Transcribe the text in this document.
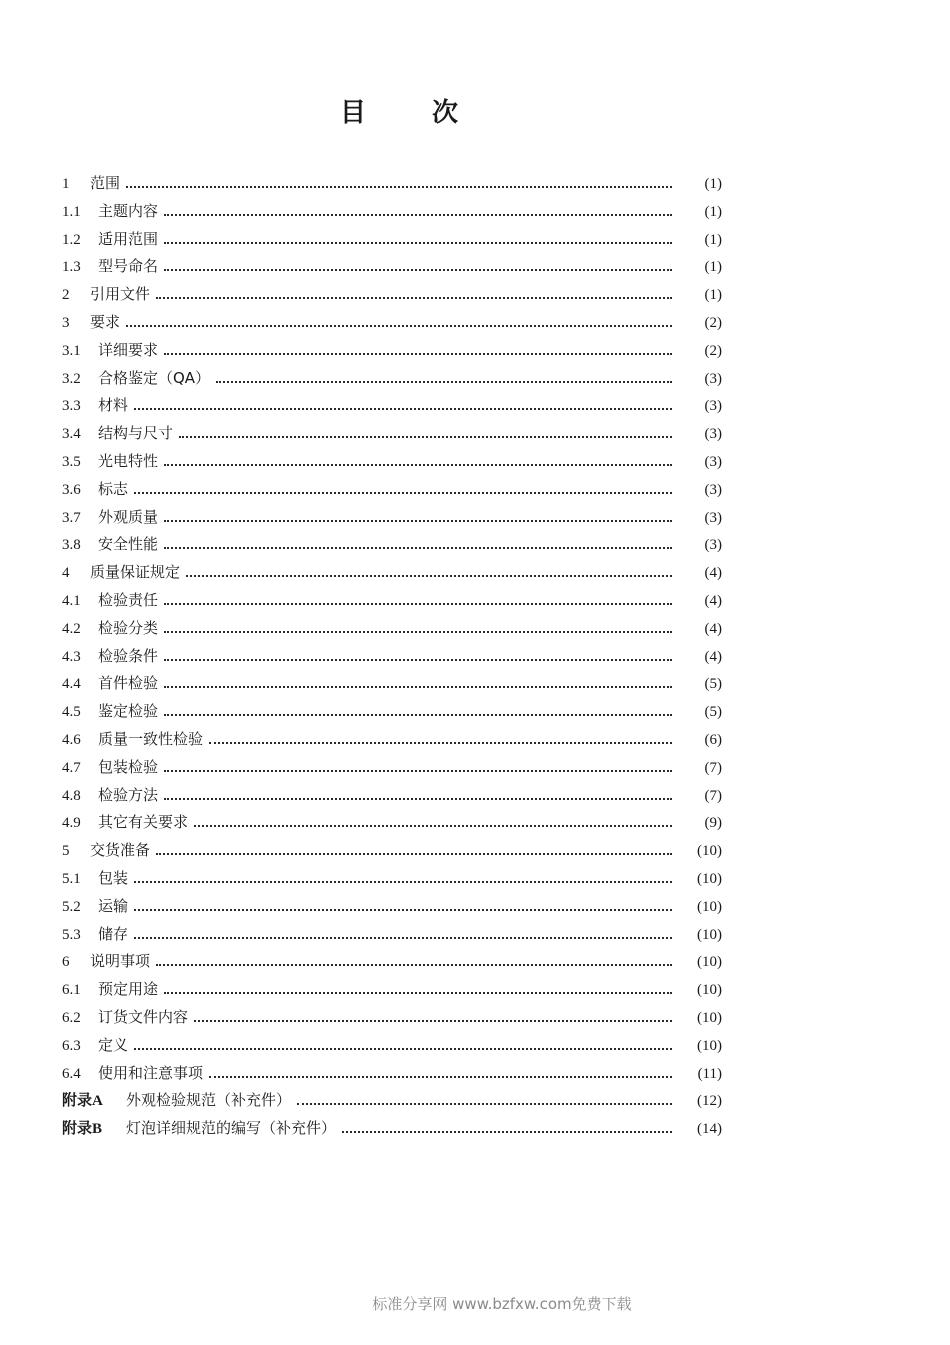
目 次
1	范围	(1)
1.1	主题内容	(1)
1.2	适用范围	(1)
1.3	型号命名	(1)
2	引用文件	(1)
3	要求	(2)
3.1	详细要求	(2)
3.2	合格鉴定（QA）	(3)
3.3	材料	(3)
3.4	结构与尺寸	(3)
3.5	光电特性	(3)
3.6	标志	(3)
3.7	外观质量	(3)
3.8	安全性能	(3)
4	质量保证规定	(4)
4.1	检验责任	(4)
4.2	检验分类	(4)
4.3	检验条件	(4)
4.4	首件检验	(5)
4.5	鉴定检验	(5)
4.6	质量一致性检验	(6)
4.7	包装检验	(7)
4.8	检验方法	(7)
4.9	其它有关要求	(9)
5	交货准备	(10)
5.1	包装	(10)
5.2	运输	(10)
5.3	储存	(10)
6	说明事项	(10)
6.1	预定用途	(10)
6.2	订货文件内容	(10)
6.3	定义	(10)
6.4	使用和注意事项	(11)
附录A	外观检验规范（补充件）	(12)
附录B	灯泡详细规范的编写（补充件）	(14)
标准分享网 www.bzfxw.com免费下载
